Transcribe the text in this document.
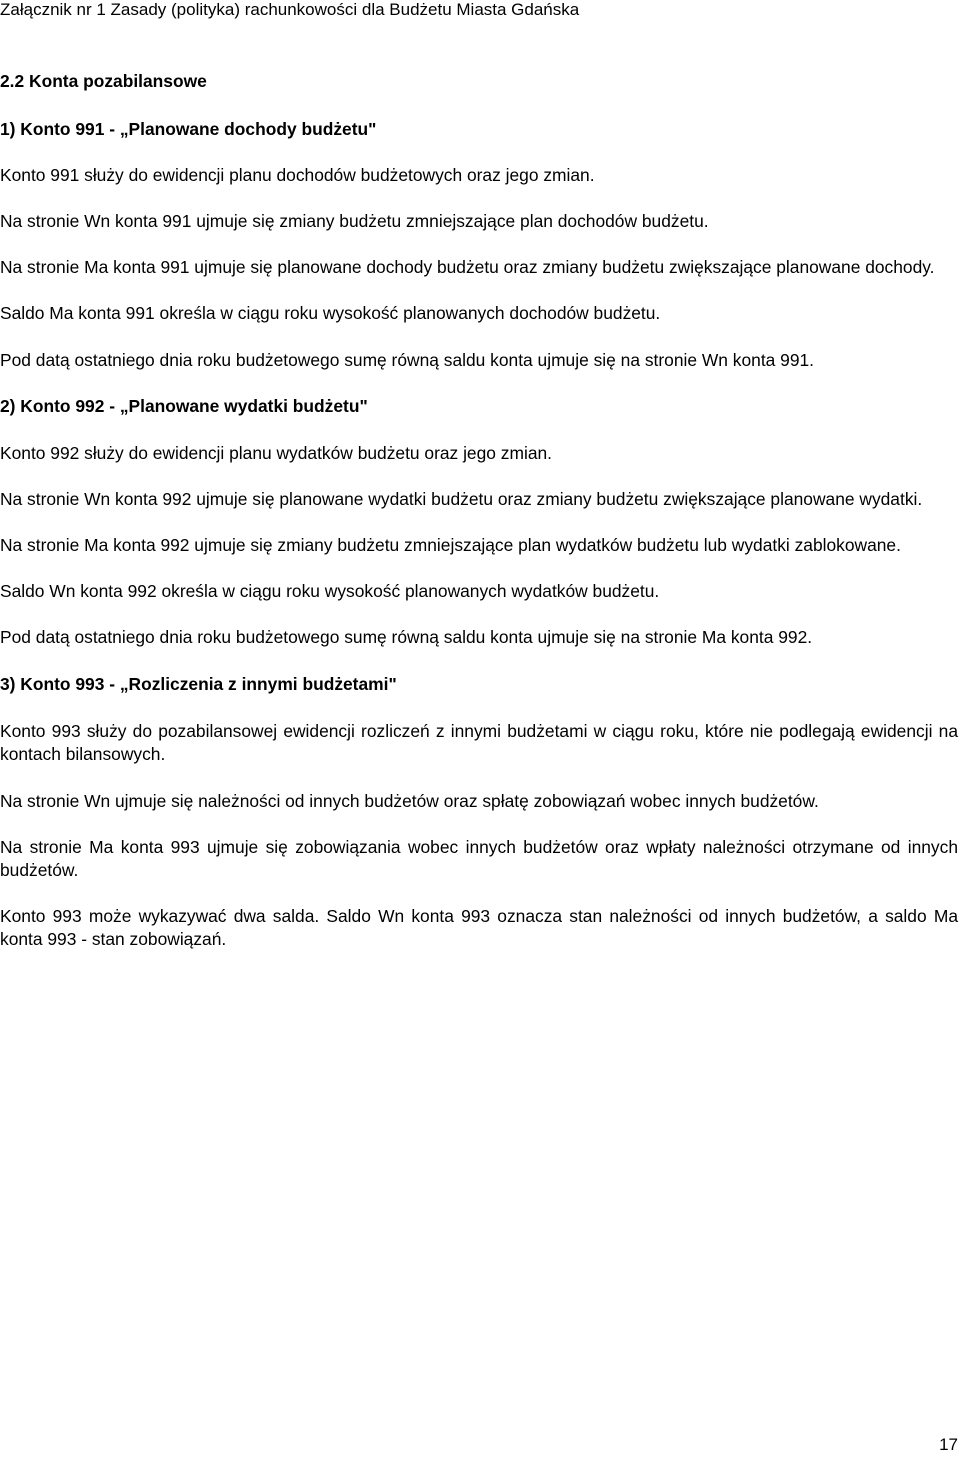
Załącznik nr 1 Zasady (polityka) rachunkowości dla Budżetu Miasta Gdańska

2.2 Konta pozabilansowe

1) Konto 991 - „Planowane dochody budżetu"

Konto 991 służy do ewidencji planu dochodów budżetowych oraz jego zmian.

Na stronie Wn konta 991 ujmuje się zmiany budżetu zmniejszające plan dochodów budżetu.

Na stronie Ma konta 991 ujmuje się planowane dochody budżetu oraz zmiany budżetu zwiększające planowane dochody.

Saldo Ma konta 991 określa w ciągu roku wysokość planowanych dochodów budżetu.

Pod datą ostatniego dnia roku budżetowego sumę równą saldu konta ujmuje się na stronie Wn konta 991.

2) Konto 992 - „Planowane wydatki budżetu"

Konto 992 służy do ewidencji planu wydatków budżetu oraz jego zmian.

Na stronie Wn konta 992 ujmuje się planowane wydatki budżetu oraz zmiany budżetu zwiększające planowane wydatki.

Na stronie Ma konta 992 ujmuje się zmiany budżetu zmniejszające plan wydatków budżetu lub wydatki zablokowane.

Saldo Wn konta 992 określa w ciągu roku wysokość planowanych wydatków budżetu.

Pod datą ostatniego dnia roku budżetowego sumę równą saldu konta ujmuje się na stronie Ma konta 992.

3) Konto 993 - „Rozliczenia z innymi budżetami"

Konto 993 służy do pozabilansowej ewidencji rozliczeń z innymi budżetami w ciągu roku, które nie podlegają ewidencji na kontach bilansowych.

Na stronie Wn ujmuje się należności od innych budżetów oraz spłatę zobowiązań wobec innych budżetów.

Na stronie Ma konta 993 ujmuje się zobowiązania wobec innych budżetów oraz wpłaty należności otrzymane od innych budżetów.

Konto 993 może wykazywać dwa salda. Saldo Wn konta 993 oznacza stan należności od innych budżetów, a saldo Ma konta 993 - stan zobowiązań.

17
